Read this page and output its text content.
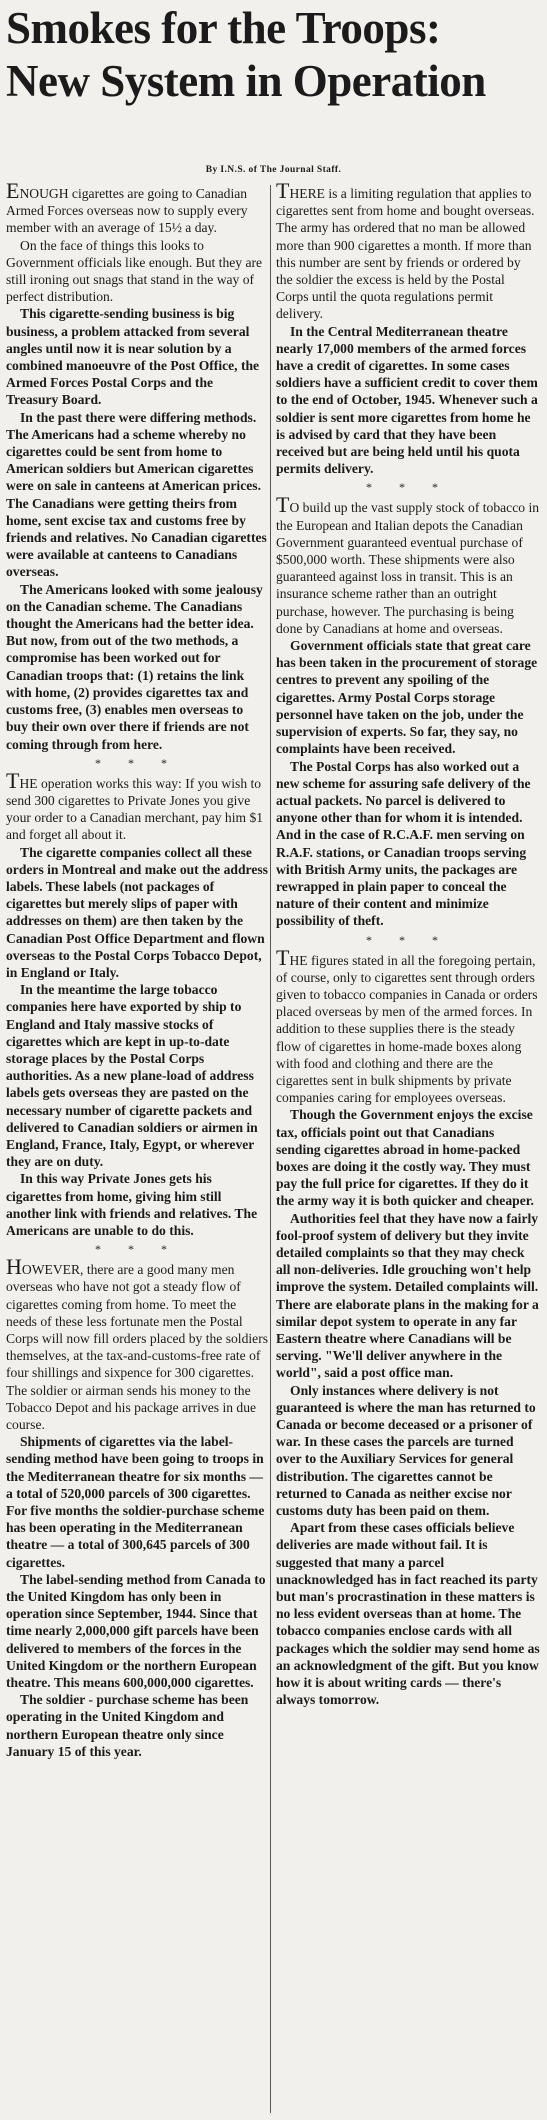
Smokes for the Troops:
New System in Operation
By I.N.S. of The Journal Staff.

ENOUGH cigarettes are going to Canadian Armed Forces overseas now to supply every member with an average of 15½ a day.

On the face of things this looks to Government officials like enough. But they are still ironing out snags that stand in the way of perfect distribution.

This cigarette-sending business is big business, a problem attacked from several angles until now it is near solution by a combined manoeuvre of the Post Office, the Armed Forces Postal Corps and the Treasury Board.

In the past there were differing methods. The Americans had a scheme whereby no cigarettes could be sent from home to American soldiers but American cigarettes were on sale in canteens at American prices. The Canadians were getting theirs from home, sent excise tax and customs free by friends and relatives. No Canadian cigarettes were available at canteens to Canadians overseas.

The Americans looked with some jealousy on the Canadian scheme. The Canadians thought the Americans had the better idea. But now, from out of the two methods, a compromise has been worked out for Canadian troops that: (1) retains the link with home, (2) provides cigarettes tax and customs free, (3) enables men overseas to buy their own over there if friends are not coming through from here.

* * *

THE operation works this way: If you wish to send 300 cigarettes to Private Jones you give your order to a Canadian merchant, pay him $1 and forget all about it.

The cigarette companies collect all these orders in Montreal and make out the address labels. These labels (not packages of cigarettes but merely slips of paper with addresses on them) are then taken by the Canadian Post Office Department and flown overseas to the Postal Corps Tobacco Depot, in England or Italy.

In the meantime the large tobacco companies here have exported by ship to England and Italy massive stocks of cigarettes which are kept in up-to-date storage places by the Postal Corps authorities. As a new plane-load of address labels gets overseas they are pasted on the necessary number of cigarette packets and delivered to Canadian soldiers or airmen in England, France, Italy, Egypt, or wherever they are on duty.

In this way Private Jones gets his cigarettes from home, giving him still another link with friends and relatives. The Americans are unable to do this.

* * *

HOWEVER, there are a good many men overseas who have not got a steady flow of cigarettes coming from home. To meet the needs of these less fortunate men the Postal Corps will now fill orders placed by the soldiers themselves, at the tax-and-customs-free rate of four shillings and sixpence for 300 cigarettes. The soldier or airman sends his money to the Tobacco Depot and his package arrives in due course.

Shipments of cigarettes via the label-sending method have been going to troops in the Mediterranean theatre for six months — a total of 520,000 parcels of 300 cigarettes. For five months the soldier-purchase scheme has been operating in the Mediterranean theatre — a total of 300,645 parcels of 300 cigarettes.

The label-sending method from Canada to the United Kingdom has only been in operation since September, 1944. Since that time nearly 2,000,000 gift parcels have been delivered to members of the forces in the United Kingdom or the northern European theatre. This means 600,000,000 cigarettes.

The soldier - purchase scheme has been operating in the United Kingdom and northern European theatre only since January 15 of this year.

THERE is a limiting regulation that applies to cigarettes sent from home and bought overseas. The army has ordered that no man be allowed more than 900 cigarettes a month. If more than this number are sent by friends or ordered by the soldier the excess is held by the Postal Corps until the quota regulations permit delivery.

In the Central Mediterranean theatre nearly 17,000 members of the armed forces have a credit of cigarettes. In some cases soldiers have a sufficient credit to cover them to the end of October, 1945. Whenever such a soldier is sent more cigarettes from home he is advised by card that they have been received but are being held until his quota permits delivery.

* * *

TO build up the vast supply stock of tobacco in the European and Italian depots the Canadian Government guaranteed eventual purchase of $500,000 worth. These shipments were also guaranteed against loss in transit. This is an insurance scheme rather than an outright purchase, however. The purchasing is being done by Canadians at home and overseas.

Government officials state that great care has been taken in the procurement of storage centres to prevent any spoiling of the cigarettes. Army Postal Corps storage personnel have taken on the job, under the supervision of experts. So far, they say, no complaints have been received.

The Postal Corps has also worked out a new scheme for assuring safe delivery of the actual packets. No parcel is delivered to anyone other than for whom it is intended. And in the case of R.C.A.F. men serving on R.A.F. stations, or Canadian troops serving with British Army units, the packages are rewrapped in plain paper to conceal the nature of their content and minimize possibility of theft.

* * *

THE figures stated in all the foregoing pertain, of course, only to cigarettes sent through orders given to tobacco companies in Canada or orders placed overseas by men of the armed forces. In addition to these supplies there is the steady flow of cigarettes in home-made boxes along with food and clothing and there are the cigarettes sent in bulk shipments by private companies caring for employees overseas.

Though the Government enjoys the excise tax, officials point out that Canadians sending cigarettes abroad in home-packed boxes are doing it the costly way. They must pay the full price for cigarettes. If they do it the army way it is both quicker and cheaper.

Authorities feel that they have now a fairly fool-proof system of delivery but they invite detailed complaints so that they may check all non-deliveries. Idle grouching won't help improve the system. Detailed complaints will. There are elaborate plans in the making for a similar depot system to operate in any far Eastern theatre where Canadians will be serving. "We'll deliver anywhere in the world", said a post office man.

Only instances where delivery is not guaranteed is where the man has returned to Canada or become deceased or a prisoner of war. In these cases the parcels are turned over to the Auxiliary Services for general distribution. The cigarettes cannot be returned to Canada as neither excise nor customs duty has been paid on them.

Apart from these cases officials believe deliveries are made without fail. It is suggested that many a parcel unacknowledged has in fact reached its party but man's procrastination in these matters is no less evident overseas than at home. The tobacco companies enclose cards with all packages which the soldier may send home as an acknowledgment of the gift. But you know how it is about writing cards — there's always tomorrow.
